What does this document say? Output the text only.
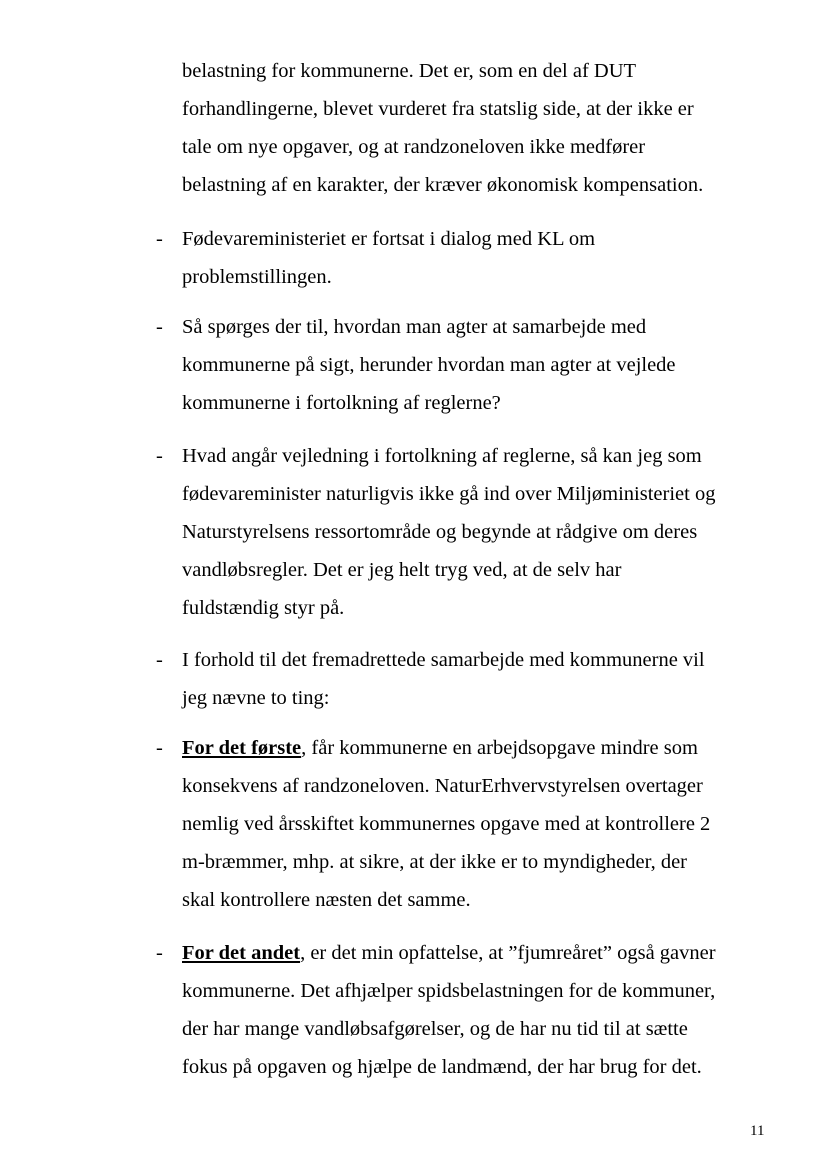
belastning for kommunerne. Det er, som en del af DUT
forhandlingerne, blevet vurderet fra statslig side, at der ikke er
tale om nye opgaver, og at randzoneloven ikke medfører
belastning af en karakter, der kræver økonomisk kompensation.
- Fødevareministeriet er fortsat i dialog med KL om
problemstillingen.
- Så spørges der til, hvordan man agter at samarbejde med
kommunerne på sigt, herunder hvordan man agter at vejlede
kommunerne i fortolkning af reglerne?
- Hvad angår vejledning i fortolkning af reglerne, så kan jeg som
fødevareminister naturligvis ikke gå ind over Miljøministeriet og
Naturstyrelsens ressortområde og begynde at rådgive om deres
vandløbsregler. Det er jeg helt tryg ved, at de selv har
fuldstændig styr på.
- I forhold til det fremadrettede samarbejde med kommunerne vil
jeg nævne to ting:
- For det første, får kommunerne en arbejdsopgave mindre som
konsekvens af randzoneloven. NaturErhvervstyrelsen overtager
nemlig ved årsskiftet kommunernes opgave med at kontrollere 2
m-bræmmer, mhp. at sikre, at der ikke er to myndigheder, der
skal kontrollere næsten det samme.
- For det andet, er det min opfattelse, at ”fjumreåret” også gavner
kommunerne. Det afhjælper spidsbelastningen for de kommuner,
der har mange vandløbsafgørelser, og de har nu tid til at sætte
fokus på opgaven og hjælpe de landmænd, der har brug for det.
11
